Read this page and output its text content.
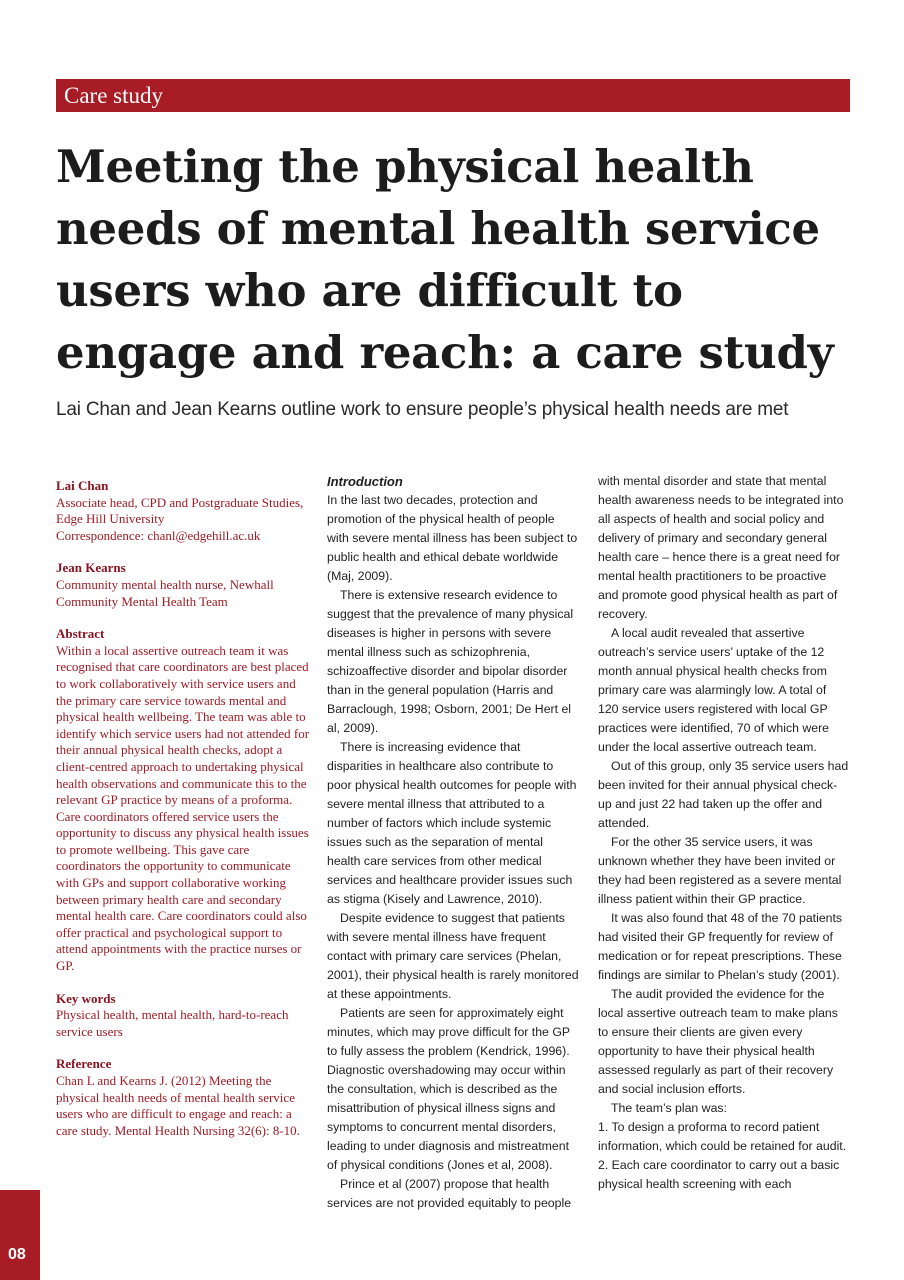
Care study
Meeting the physical health needs of mental health service users who are difficult to engage and reach: a care study

Lai Chan and Jean Kearns outline work to ensure people’s physical health needs are met

Lai Chan

Associate head, CPD and Postgraduate Studies, Edge Hill University

Correspondence: chanl@edgehill.ac.uk

Jean Kearns

Community mental health nurse, Newhall Community Mental Health Team

Abstract

Within a local assertive outreach team it was recognised that care coordinators are best placed to work collaboratively with service users and the primary care service towards mental and physical health wellbeing. The team was able to identify which service users had not attended for their annual physical health checks, adopt a client-centred approach to undertaking physical health observations and communicate this to the relevant GP practice by means of a proforma. Care coordinators offered service users the opportunity to discuss any physical health issues to promote wellbeing. This gave care coordinators the opportunity to communicate with GPs and support collaborative working between primary health care and secondary mental health care. Care coordinators could also offer practical and psychological support to attend appointments with the practice nurses or GP.

Key words

Physical health, mental health, hard-to-reach service users

Reference

Chan L and Kearns J. (2012) Meeting the physical health needs of mental health service users who are difficult to engage and reach: a care study. Mental Health Nursing 32(6): 8-10.

Introduction

In the last two decades, protection and promotion of the physical health of people with severe mental illness has been subject to public health and ethical debate worldwide (Maj, 2009).

There is extensive research evidence to suggest that the prevalence of many physical diseases is higher in persons with severe mental illness such as schizophrenia, schizoaffective disorder and bipolar disorder than in the general population (Harris and Barraclough, 1998; Osborn, 2001; De Hert el al, 2009).

There is increasing evidence that disparities in healthcare also contribute to poor physical health outcomes for people with severe mental illness that attributed to a number of factors which include systemic issues such as the separation of mental health care services from other medical services and healthcare provider issues such as stigma (Kisely and Lawrence, 2010).

Despite evidence to suggest that patients with severe mental illness have frequent contact with primary care services (Phelan, 2001), their physical health is rarely monitored at these appointments.

Patients are seen for approximately eight minutes, which may prove difficult for the GP to fully assess the problem (Kendrick, 1996). Diagnostic overshadowing may occur within the consultation, which is described as the misattribution of physical illness signs and symptoms to concurrent mental disorders, leading to under diagnosis and mistreatment of physical conditions (Jones et al, 2008).

Prince et al (2007) propose that health services are not provided equitably to people

with mental disorder and state that mental health awareness needs to be integrated into all aspects of health and social policy and delivery of primary and secondary general health care – hence there is a great need for mental health practitioners to be proactive and promote good physical health as part of recovery.

A local audit revealed that assertive outreach’s service users’ uptake of the 12 month annual physical health checks from primary care was alarmingly low. A total of 120 service users registered with local GP practices were identified, 70 of which were under the local assertive outreach team.

Out of this group, only 35 service users had been invited for their annual physical check-up and just 22 had taken up the offer and attended.

For the other 35 service users, it was unknown whether they have been invited or they had been registered as a severe mental illness patient within their GP practice.

It was also found that 48 of the 70 patients had visited their GP frequently for review of medication or for repeat prescriptions. These findings are similar to Phelan’s study (2001).

The audit provided the evidence for the local assertive outreach team to make plans to ensure their clients are given every opportunity to have their physical health assessed regularly as part of their recovery and social inclusion efforts.

The team’s plan was:

1. To design a proforma to record patient information, which could be retained for audit.

2. Each care coordinator to carry out a basic physical health screening with each

08
